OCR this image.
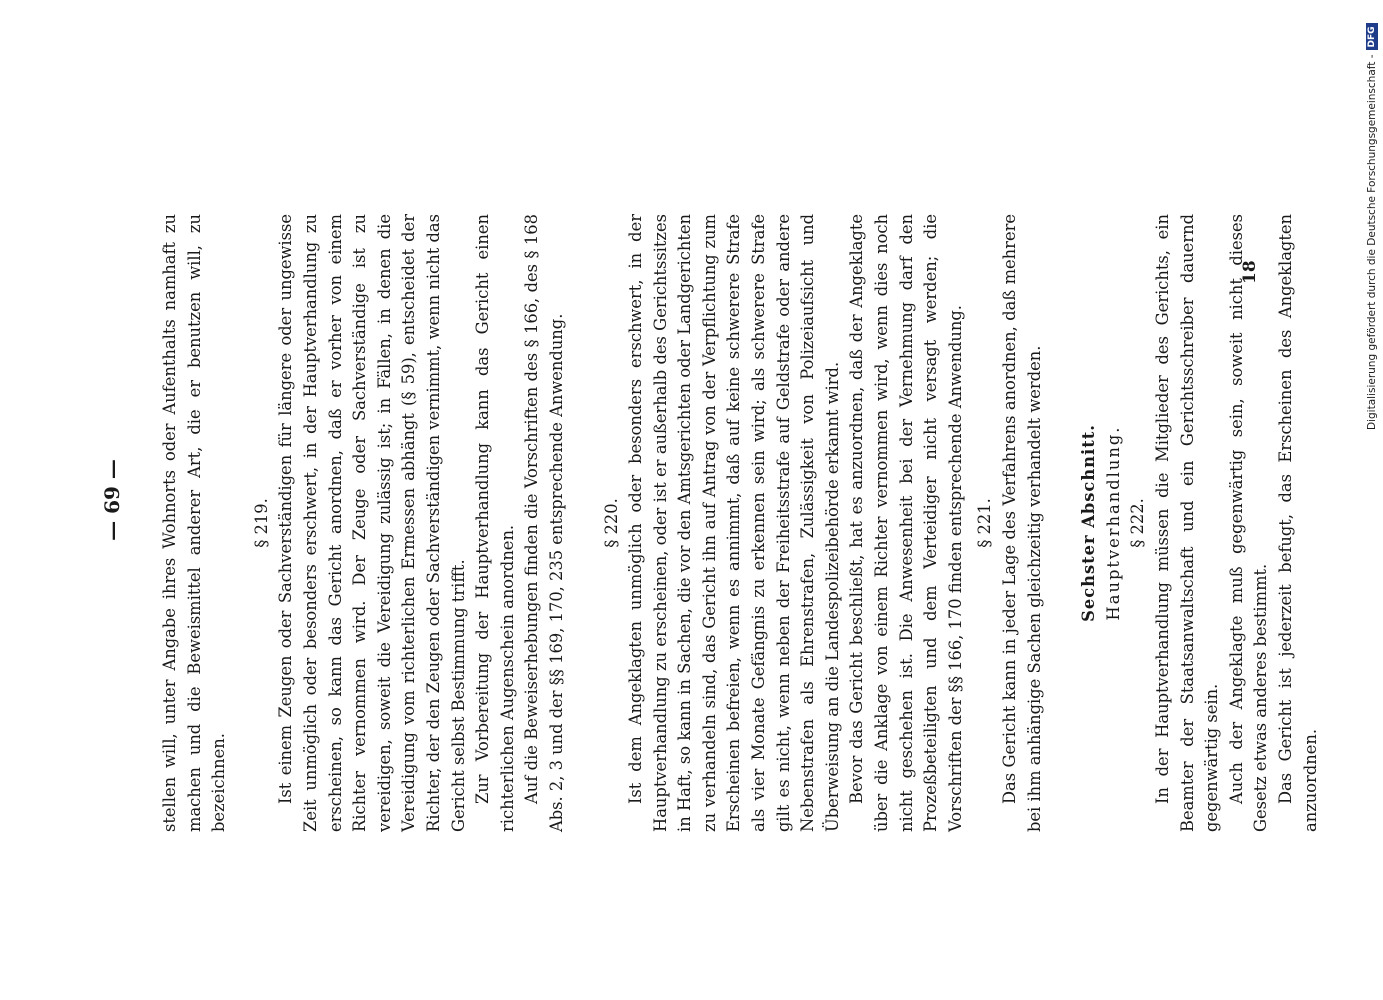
— 69 — stellen will, unter Angabe ihres Wohnorts oder Aufenthalts namhaft zu machen und die Beweismittel anderer Art, die er benutzen will, zu bezeichnen.

§ 219. Ist einem Zeugen oder Sachverständigen für längere oder ungewisse Zeit unmöglich oder besonders erschwert, in der Hauptverhandlung zu erscheinen, so kann das Gericht anordnen, daß er vorher von einem Richter vernommen wird. Der Zeuge oder Sachverständige ist zu vereidigen, soweit die Vereidigung zulässig ist; in Fällen, in denen die Vereidigung vom richterlichen Ermessen abhängt (§ 59), entscheidet der Richter, der den Zeugen oder Sachverständigen vernimmt, wenn nicht das Gericht selbst Bestimmung trifft. Zur Vorbereitung der Hauptverhandlung kann das Gericht einen richterlichen Augenschein anordnen. Auf die Beweiserhebungen finden die Vorschriften des § 166, des § 168 Abs. 2, 3 und der §§ 169, 170, 235 entsprechende Anwendung. § 220. Ist dem Angeklagten unmöglich oder besonders erschwert, in der Hauptverhandlung zu erscheinen, oder ist er außerhalb des Gerichtssitzes in Haft, so kann in Sachen, die vor den Amtsgerichten oder Landgerichten zu verhandeln sind, das Gericht ihn auf Antrag von der Verpflichtung zum Erscheinen befreien, wenn es annimmt, daß auf keine schwerere Strafe als vier Monate Gefängnis zu erkennen sein wird; als schwerere Strafe gilt es nicht, wenn neben der Freiheitsstrafe auf Geldstrafe oder andere Nebenstrafen als Ehrenstrafen, Zulässigkeit von Polizeiaufsicht und Überweisung an die Landespolizeibehörde erkannt wird. Bevor das Gericht beschließt, hat es anzuordnen, daß der Angeklagte über die Anklage von einem Richter vernommen wird, wenn dies noch nicht geschehen ist. Die Anwesenheit bei der Vernehmung darf den Prozeßbeteiligten und dem Verteidiger nicht versagt werden; die Vorschriften der §§ 166, 170 finden entsprechende Anwendung. § 221. Das Gericht kann in jeder Lage des Verfahrens anordnen, daß mehrere bei ihm anhängige Sachen gleichzeitig verhandelt werden. Sechster Abschnitt. Hauptverhandlung. § 222. In der Hauptverhandlung müssen die Mitglieder des Gerichts, ein Beamter der Staatsanwaltschaft und ein Gerichtsschreiber dauernd gegenwärtig sein. Auch der Angeklagte muß gegenwärtig sein, soweit nicht dieses Gesetz etwas anderes bestimmt. Das Gericht ist jederzeit befugt, das Erscheinen des Angeklagten anzuordnen.

18	Digitalisierung gefördert durch die Deutsche Forschungsgemeinschaft -
DFG
